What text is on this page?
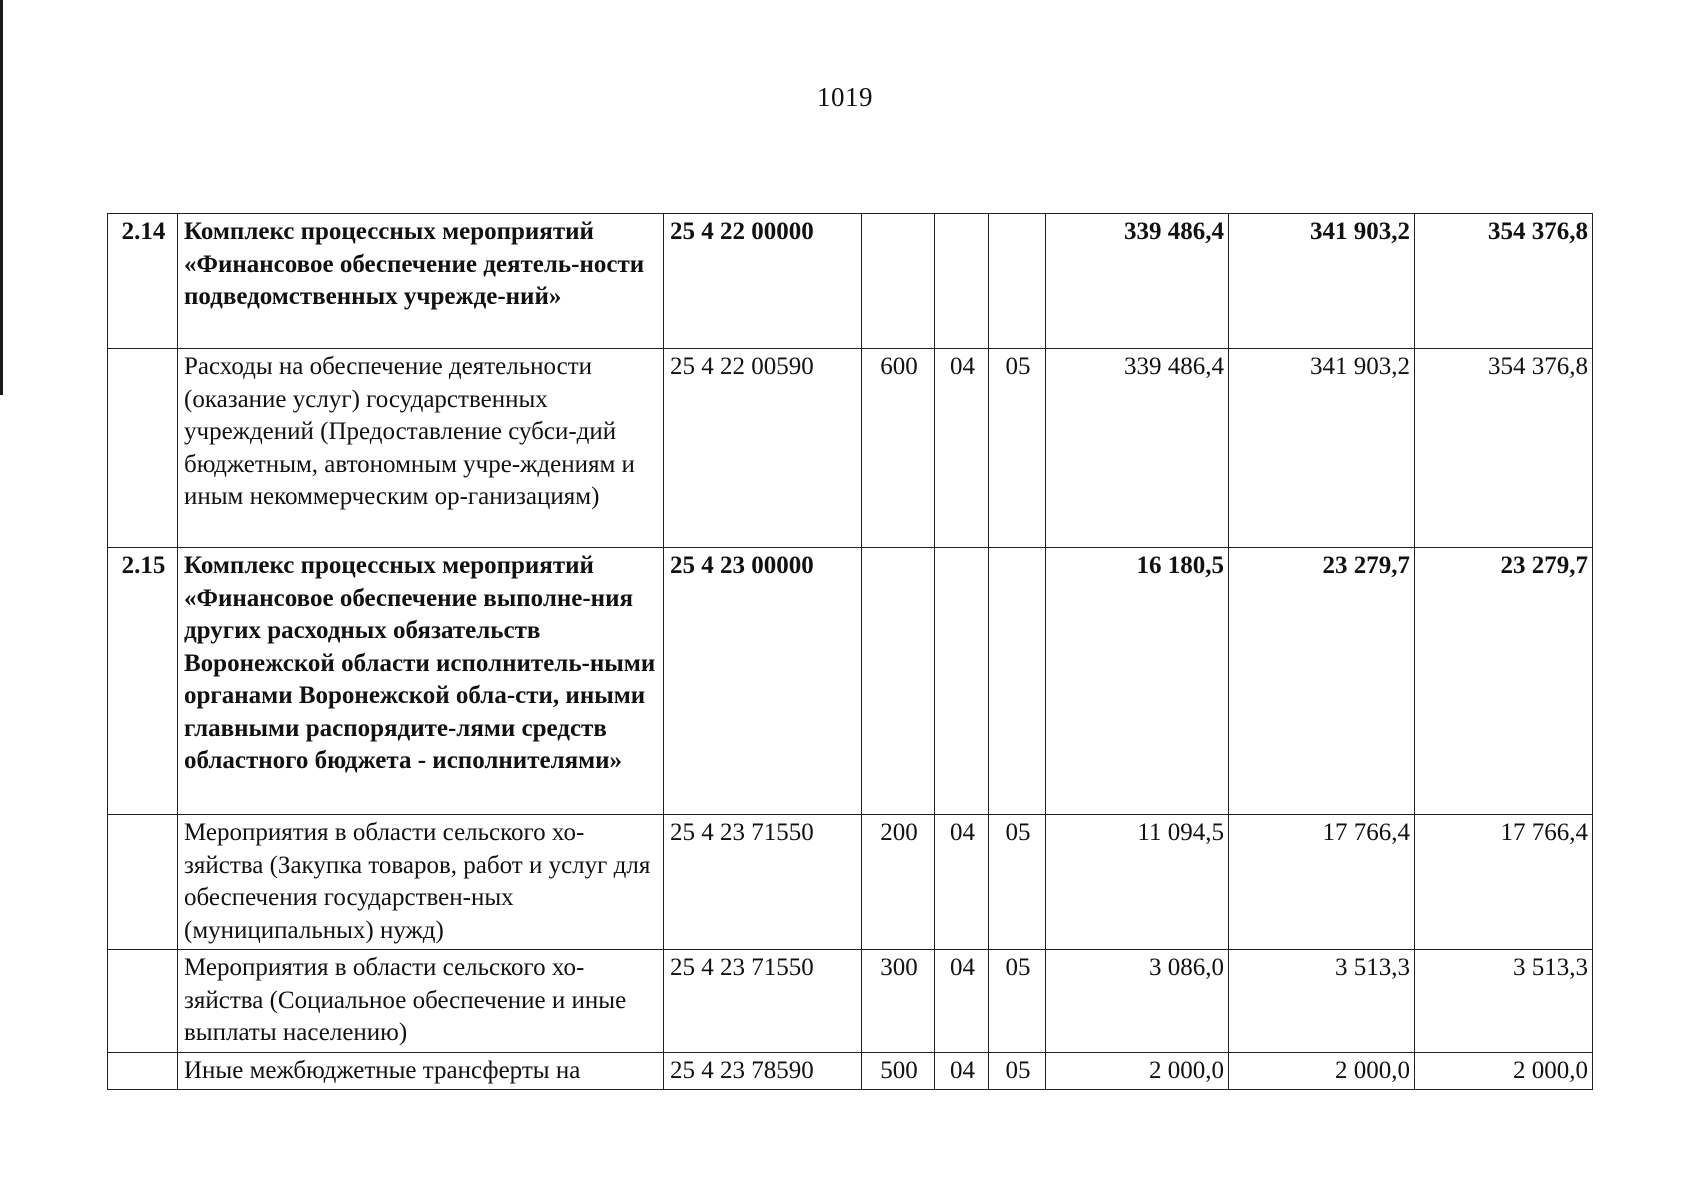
1019
2.14	Комплекс процессных мероприятий «Финансовое обеспечение деятель-ности подведомственных учрежде-ний»	25 4 22 00000				339 486,4	341 903,2	354 376,8
	Расходы на обеспечение деятельности (оказание услуг) государственных учреждений (Предоставление субси-дий бюджетным, автономным учре-ждениям и иным некоммерческим ор-ганизациям)	25 4 22 00590	600	04	05	339 486,4	341 903,2	354 376,8
2.15	Комплекс процессных мероприятий «Финансовое обеспечение выполне-ния других расходных обязательств Воронежской области исполнитель-ными органами Воронежской обла-сти, иными главными распорядите-лями средств областного бюджета - исполнителями»	25 4 23 00000				16 180,5	23 279,7	23 279,7
	Мероприятия в области сельского хо-зяйства (Закупка товаров, работ и услуг для обеспечения государствен-ных (муниципальных) нужд)	25 4 23 71550	200	04	05	11 094,5	17 766,4	17 766,4
	Мероприятия в области сельского хо-зяйства (Социальное обеспечение и иные выплаты населению)	25 4 23 71550	300	04	05	3 086,0	3 513,3	3 513,3
	Иные межбюджетные трансферты на	25 4 23 78590	500	04	05	2 000,0	2 000,0	2 000,0
